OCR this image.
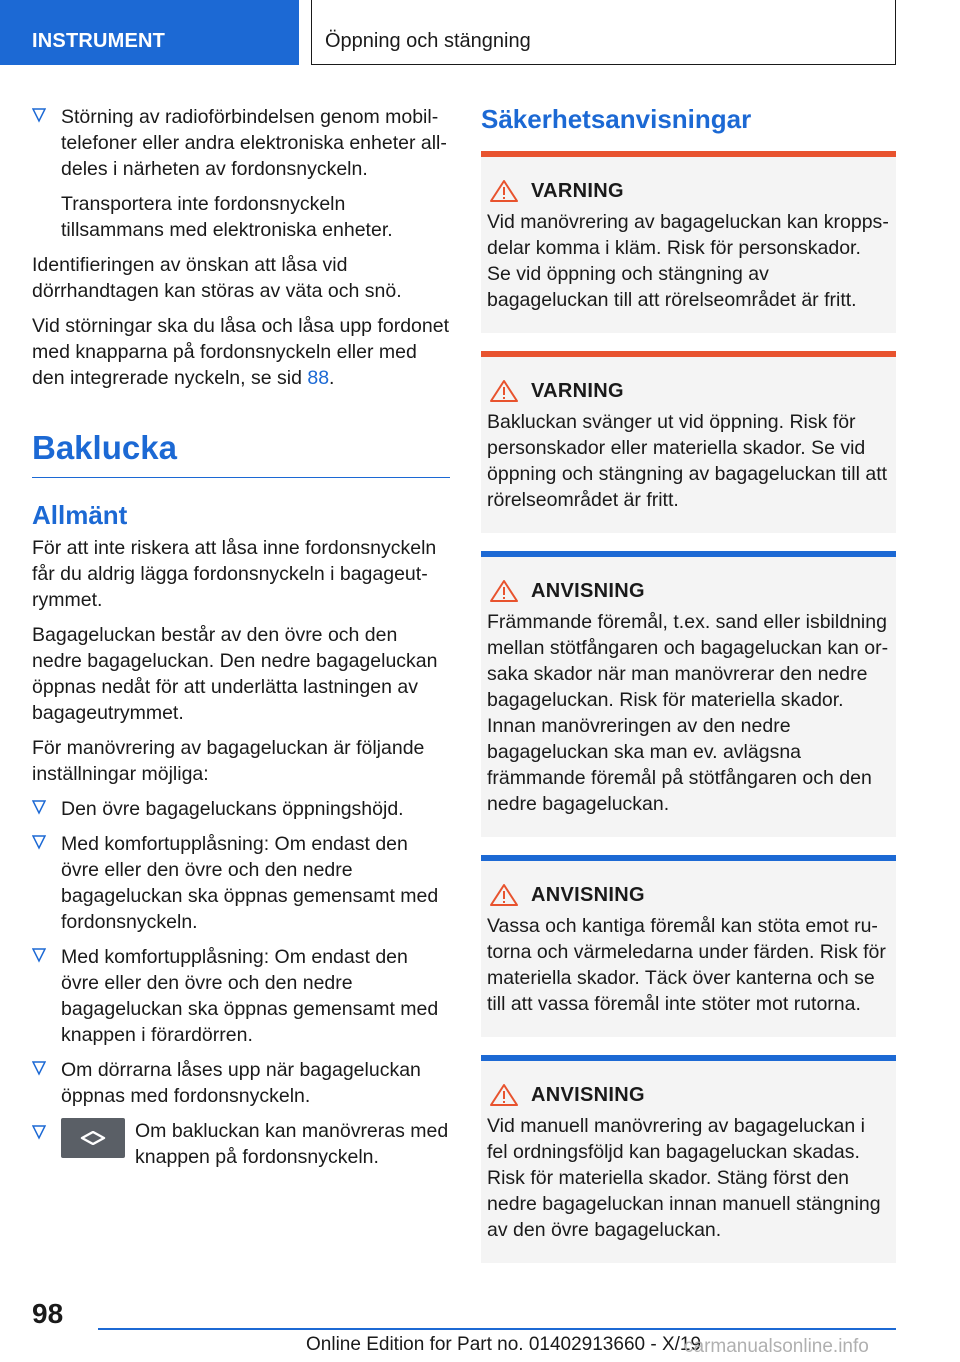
INSTRUMENT	Öppning och stängning
Störning av radioförbindelsen genom mobiltelefoner eller andra elektroniska enheter alldeles i närheten av fordonsnyckeln.
Transportera inte fordonsnyckeln tillsammans med elektroniska enheter.
Identifieringen av önskan att låsa vid dörrhandtagen kan störas av väta och snö.
Vid störningar ska du låsa och låsa upp fordonet med knapparna på fordonsnyckeln eller med den integrerade nyckeln, se sid 88.
Baklucka
Allmänt
För att inte riskera att låsa inne fordonsnyckeln får du aldrig lägga fordonsnyckeln i bagageutrymmet.
Bagageluckan består av den övre och den nedre bagageluckan. Den nedre bagageluckan öppnas nedåt för att underlätta lastningen av bagageutrymmet.
För manövrering av bagageluckan är följande inställningar möjliga:
Den övre bagageluckans öppningshöjd.
Med komfortupplåsning: Om endast den övre eller den övre och den nedre bagageluckan ska öppnas gemensamt med fordonsnyckeln.
Med komfortupplåsning: Om endast den övre eller den övre och den nedre bagageluckan ska öppnas gemensamt med knappen i förardörren.
Om dörrarna låses upp när bagageluckan öppnas med fordonsnyckeln.
Om bakluckan kan manövreras med knappen på fordonsnyckeln.
Säkerhetsanvisningar
VARNING
Vid manövrering av bagageluckan kan kroppsdelar komma i kläm. Risk för personskador. Se vid öppning och stängning av bagageluckan till att rörelseområdet är fritt.
VARNING
Bakluckan svänger ut vid öppning. Risk för personskador eller materiella skador. Se vid öppning och stängning av bagageluckan till att rörelseområdet är fritt.
ANVISNING
Främmande föremål, t.ex. sand eller isbildning mellan stötfångaren och bagageluckan kan orsaka skador när man manövrerar den nedre bagageluckan. Risk för materiella skador. Innan manövreringen av den nedre bagageluckan ska man ev. avlägsna främmande föremål på stötfångaren och den nedre bagageluckan.
ANVISNING
Vassa och kantiga föremål kan stöta emot rutorna och värmeledarna under färden. Risk för materiella skador. Täck över kanterna och se till att vassa föremål inte stöter mot rutorna.
ANVISNING
Vid manuell manövrering av bagageluckan i fel ordningsföljd kan bagageluckan skadas. Risk för materiella skador. Stäng först den nedre bagageluckan innan manuell stängning av den övre bagageluckan.
98
Online Edition for Part no. 01402913660 - X/19
carmanualsonline.info
